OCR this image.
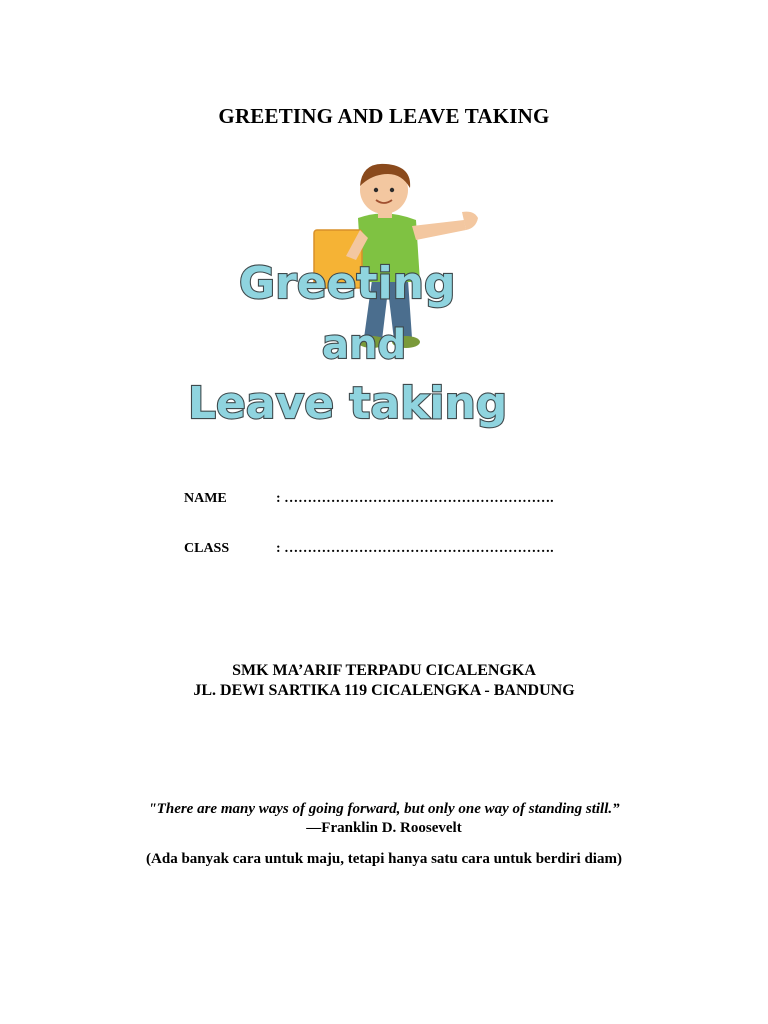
GREETING AND LEAVE TAKING
Greeting
and
Leave taking
NAME	: ………………………………………………….
CLASS	: ………………………………………………….
SMK MA’ARIF TERPADU CICALENGKA
JL. DEWI SARTIKA 119 CICALENGKA - BANDUNG
"There are many ways of going forward, but only one way of standing still.”
—Franklin D. Roosevelt
(Ada banyak cara untuk maju, tetapi hanya satu cara untuk berdiri diam)
